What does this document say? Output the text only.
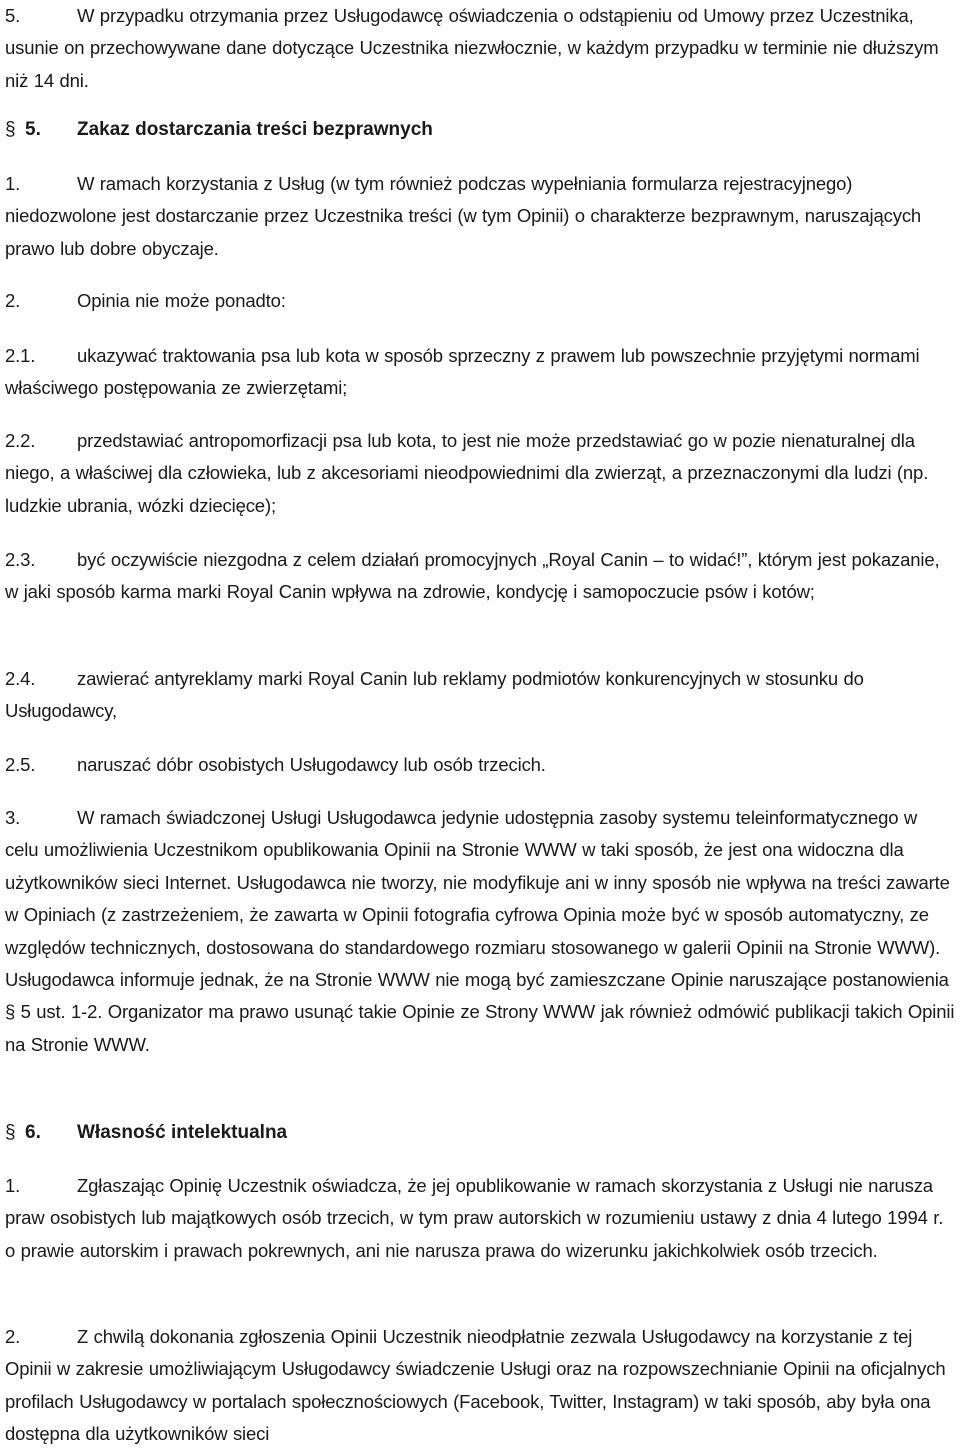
5.	W przypadku otrzymania przez Usługodawcę oświadczenia o odstąpieniu od Umowy przez Uczestnika, usunie on przechowywane dane dotyczące Uczestnika niezwłocznie, w każdym przypadku w terminie nie dłuższym niż 14 dni.

§ 5. Zakaz dostarczania treści bezprawnych

1.	W ramach korzystania z Usług (w tym również podczas wypełniania formularza rejestracyjnego) niedozwolone jest dostarczanie przez Uczestnika treści (w tym Opinii) o charakterze bezprawnym, naruszających prawo lub dobre obyczaje.

2.	Opinia nie może ponadto:

2.1. ukazywać traktowania psa lub kota w sposób sprzeczny z prawem lub powszechnie przyjętymi normami właściwego postępowania ze zwierzętami;

2.2. przedstawiać antropomorfizacji psa lub kota, to jest nie może przedstawiać go w pozie nienaturalnej dla niego, a właściwej dla człowieka, lub z akcesoriami nieodpowiednimi dla zwierząt, a przeznaczonymi dla ludzi (np. ludzkie ubrania, wózki dziecięce);

2.3. być oczywiście niezgodna z celem działań promocyjnych „Royal Canin – to widać!”, którym jest pokazanie, w jaki sposób karma marki Royal Canin wpływa na zdrowie, kondycję i samopoczucie psów i kotów;

2.4. zawierać antyreklamy marki Royal Canin lub reklamy podmiotów konkurencyjnych w stosunku do Usługodawcy,

2.5. naruszać dóbr osobistych Usługodawcy lub osób trzecich.

3.	W ramach świadczonej Usługi Usługodawca jedynie udostępnia zasoby systemu teleinformatycznego w celu umożliwienia Uczestnikom opublikowania Opinii na Stronie WWW w taki sposób, że jest ona widoczna dla użytkowników sieci Internet. Usługodawca nie tworzy, nie modyfikuje ani w inny sposób nie wpływa na treści zawarte w Opiniach (z zastrzeżeniem, że zawarta w Opinii fotografia cyfrowa Opinia może być w sposób automatyczny, ze względów technicznych, dostosowana do standardowego rozmiaru stosowanego w galerii Opinii na Stronie WWW). Usługodawca informuje jednak, że na Stronie WWW nie mogą być zamieszczane Opinie naruszające postanowienia § 5 ust. 1-2. Organizator ma prawo usunąć takie Opinie ze Strony WWW jak również odmówić publikacji takich Opinii na Stronie WWW.

§ 6. Własność intelektualna

1.	Zgłaszając Opinię Uczestnik oświadcza, że jej opublikowanie w ramach skorzystania z Usługi nie narusza praw osobistych lub majątkowych osób trzecich, w tym praw autorskich w rozumieniu ustawy z dnia 4 lutego 1994 r. o prawie autorskim i prawach pokrewnych, ani nie narusza prawa do wizerunku jakichkolwiek osób trzecich.

2.	Z chwilą dokonania zgłoszenia Opinii Uczestnik nieodpłatnie zezwala Usługodawcy na korzystanie z tej Opinii w zakresie umożliwiającym Usługodawcy świadczenie Usługi oraz na rozpowszechnianie Opinii na oficjalnych profilach Usługodawcy w portalach społecznościowych (Facebook, Twitter, Instagram) w taki sposób, aby była ona dostępna dla użytkowników sieci
